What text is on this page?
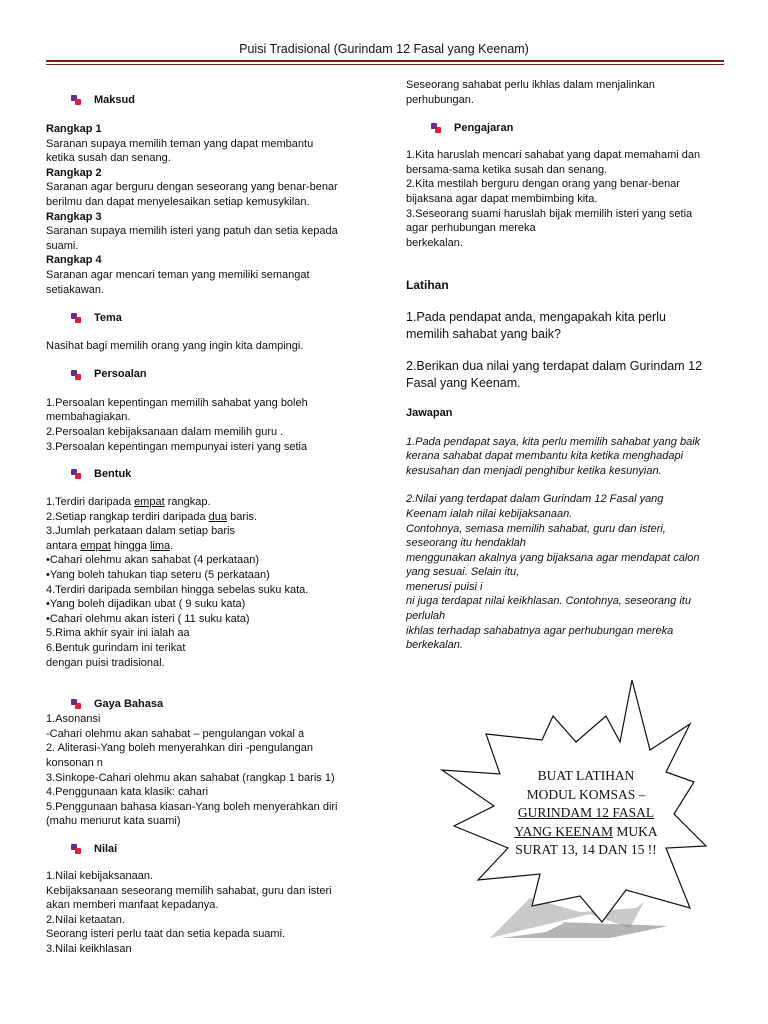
Puisi Tradisional (Gurindam 12 Fasal yang Keenam)
Maksud
Rangkap 1
Saranan supaya memilih teman yang dapat membantu
ketika susah dan senang.
Rangkap 2
Saranan agar berguru dengan seseorang yang benar-benar
berilmu dan dapat menyelesaikan setiap kemusykilan.
Rangkap 3
Saranan supaya memilih isteri yang patuh dan setia kepada
suami.
Rangkap 4
Saranan agar mencari teman yang memiliki semangat
setiakawan.
Tema
Nasihat bagi memilih orang yang ingin kita dampingi.
Persoalan
1.Persoalan kepentingan memilih sahabat yang boleh
membahagiakan.
2.Persoalan kebijaksanaan dalam memilih guru .
3.Persoalan kepentingan mempunyai isteri yang setia
Bentuk
1.Terdiri daripada empat rangkap.
2.Setiap rangkap terdiri daripada dua baris.
3.Jumlah perkataan dalam setiap baris
antara empat hingga lima.
•Cahari olehmu akan sahabat (4 perkataan)
•Yang boleh tahukan tiap seteru (5 perkataan)
4.Terdiri daripada sembilan hingga sebelas suku kata.
•Yang boleh dijadikan ubat ( 9 suku kata)
•Cahari olehmu akan isteri ( 11 suku kata)
5.Rima akhir syair ini ialah aa
6.Bentuk gurindam ini terikat
dengan puisi tradisional.
Gaya Bahasa
1.Asonansi
-Cahari olehmu akan sahabat – pengulangan vokal a
2. Aliterasi-Yang boleh menyerahkan diri -pengulangan
konsonan n
3.Sinkope-Cahari olehmu akan sahabat (rangkap 1 baris 1)
4.Penggunaan kata klasik: cahari
5.Penggunaan bahasa kiasan-Yang boleh menyerahkan diri
(mahu menurut kata suami)
Nilai
1.Nilai kebijaksanaan.
Kebijaksanaan seseorang memilih sahabat, guru dan isteri
akan memberi manfaat kepadanya.
2.Nilai ketaatan.
Seorang isteri perlu taat dan setia kepada suami.
3.Nilai keikhlasan
Seseorang sahabat perlu ikhlas dalam menjalinkan
perhubungan.
Pengajaran
1.Kita haruslah mencari sahabat yang dapat memahami dan
bersama-sama ketika susah dan senang.
2.Kita mestilah berguru dengan orang yang benar-benar
bijaksana agar dapat membimbing kita.
3.Seseorang suami haruslah bijak memilih isteri yang setia
agar perhubungan mereka
berkekalan.
Latihan
1.Pada pendapat anda, mengapakah kita perlu
memilih sahabat yang baik?
2.Berikan dua nilai yang terdapat dalam Gurindam 12
Fasal yang Keenam.
Jawapan
1.Pada pendapat saya, kita perlu memilih sahabat yang baik
kerana sahabat dapat membantu kita ketika menghadapi
kesusahan dan menjadi penghibur ketika kesunyian.
2.Nilai yang terdapat dalam Gurindam 12 Fasal yang
Keenam ialah nilai kebijaksanaan.
Contohnya, semasa memilih sahabat, guru dan isteri,
seseorang itu hendaklah
menggunakan akalnya yang bijaksana agar mendapat calon
yang sesuai. Selain itu,
menerusi puisi i
ni juga terdapat nilai keikhlasan. Contohnya, seseorang itu
perlulah
ikhlas terhadap sahabatnya agar perhubungan mereka
berkekalan.
BUAT LATIHAN
MODUL KOMSAS –
GURINDAM 12 FASAL
YANG KEENAM MUKA
SURAT 13, 14 DAN 15 !!
